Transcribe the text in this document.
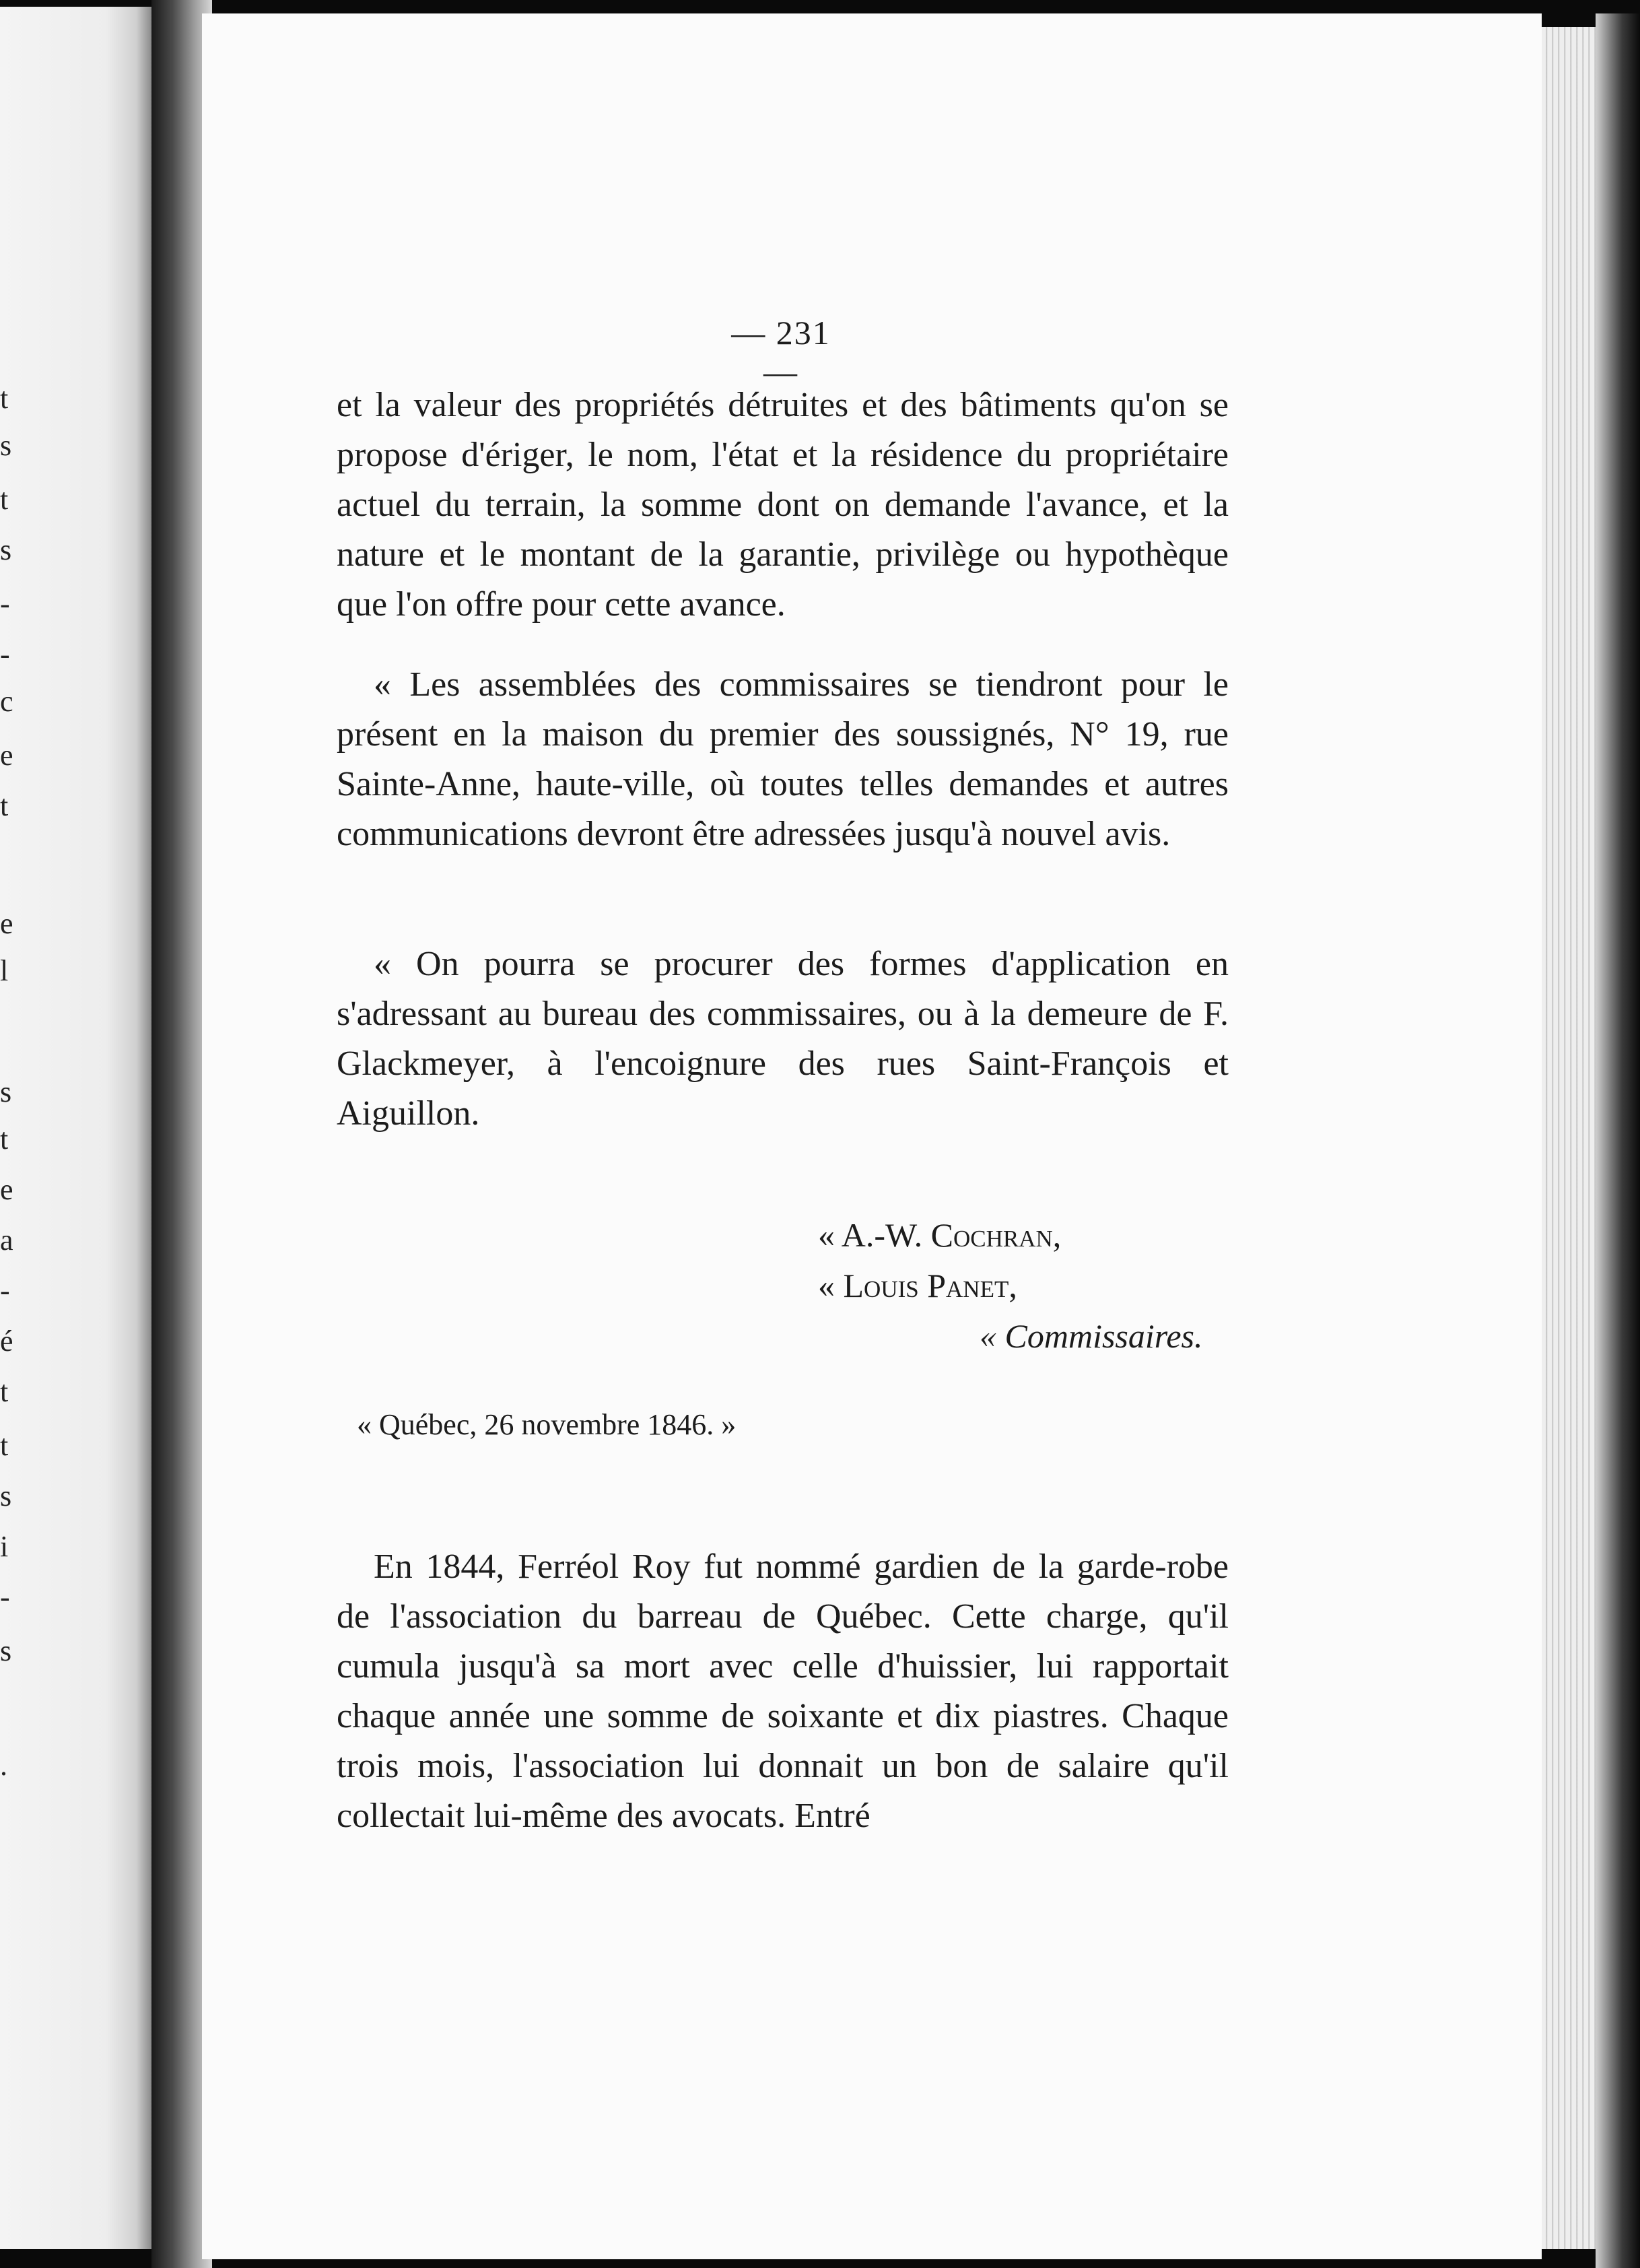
t
s
t
s
-
-
c
e
t
e
l
s
t
e
a
-
é
t
t
s
i
-
s
.
— 231 —
et la valeur des propriétés détruites et des bâtiments qu'on se propose d'ériger, le nom, l'état et la résidence du propriétaire actuel du terrain, la somme dont on demande l'avance, et la nature et le montant de la garantie, privilège ou hypothèque que l'on offre pour cette avance.
« Les assemblées des commissaires se tiendront pour le présent en la maison du premier des soussignés, N° 19, rue Sainte-Anne, haute-ville, où toutes telles demandes et autres communications devront être adressées jusqu'à nouvel avis.
« On pourra se procurer des formes d'application en s'adressant au bureau des commissaires, ou à la demeure de F. Glackmeyer, à l'encoignure des rues Saint-François et Aiguillon.
« A.-W. Cochran,
« Louis Panet,
« Commissaires.
« Québec, 26 novembre 1846. »
En 1844, Ferréol Roy fut nommé gardien de la garde-robe de l'association du barreau de Québec. Cette charge, qu'il cumula jusqu'à sa mort avec celle d'huissier, lui rapportait chaque année une somme de soixante et dix piastres. Chaque trois mois, l'association lui donnait un bon de salaire qu'il collectait lui-même des avocats. Entré
